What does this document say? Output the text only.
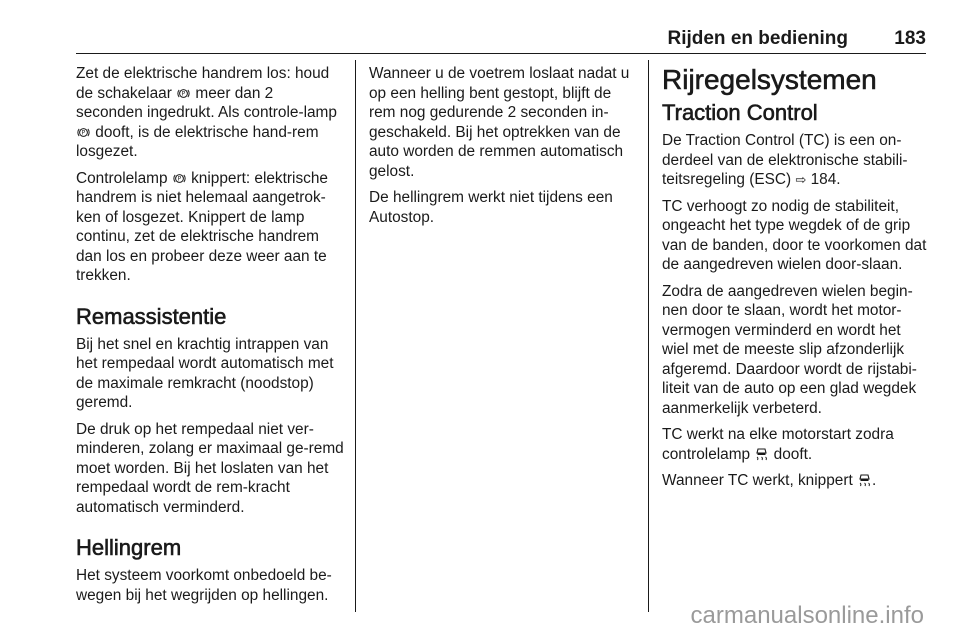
Rijden en bediening 183

Zet de elektrische handrem los: houd de schakelaar P meer dan 2 seconden ingedrukt. Als controle-lamp
P dooft, is de elektrische hand-rem losgezet.

Controlelamp P knippert: elektrische handrem is niet helemaal aangetrok-ken of losgezet. Knippert de lamp continu, zet de elektrische handrem dan los en probeer deze weer aan te trekken.

Remassistentie

Bij het snel en krachtig intrappen van het rempedaal wordt automatisch met de maximale remkracht (noodstop) geremd.

De druk op het rempedaal niet ver-minderen, zolang er maximaal ge-remd moet worden. Bij het loslaten van het rempedaal wordt de rem-kracht automatisch verminderd.

Hellingrem

Het systeem voorkomt onbedoeld be-wegen bij het wegrijden op hellingen.

Wanneer u de voetrem loslaat nadat u op een helling bent gestopt, blijft de rem nog gedurende 2 seconden in-geschakeld. Bij het optrekken van de auto worden de remmen automatisch gelost.

De hellingrem werkt niet tijdens een Autostop.

Rijregelsystemen
Traction Control

De Traction Control (TC) is een on-derdeel van de elektronische stabili-teitsregeling (ESC) ⇨ 184.

TC verhoogt zo nodig de stabiliteit, ongeacht het type wegdek of de grip van de banden, door te voorkomen dat de aangedreven wielen door-slaan.

Zodra de aangedreven wielen begin-nen door te slaan, wordt het motor-vermogen verminderd en wordt het wiel met de meeste slip afzonderlijk afgeremd. Daardoor wordt de rijstabi-liteit van de auto op een glad wegdek aanmerkelijk verbeterd.

TC werkt na elke motorstart zodra controlelamp  dooft.

Wanneer TC werkt, knippert .

carmanualsonline.info
